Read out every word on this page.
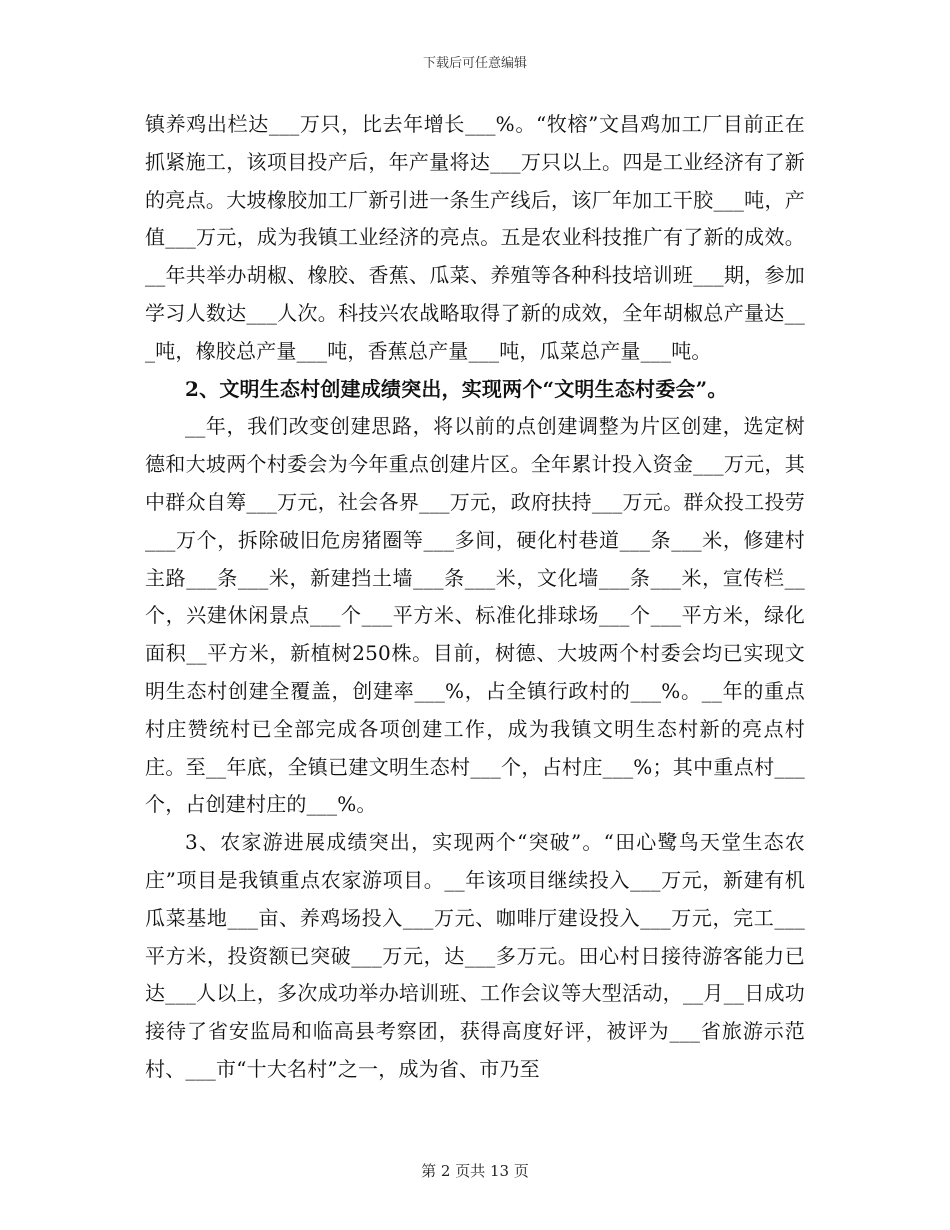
下载后可任意编辑

镇养鸡出栏达___万只，比去年增长___%。“牧榕”文昌鸡加工厂目前正在抓紧施工，该项目投产后，年产量将达___万只以上。四是工业经济有了新的亮点。大坡橡胶加工厂新引进一条生产线后，该厂年加工干胶___吨，产值___万元，成为我镇工业经济的亮点。五是农业科技推广有了新的成效。__年共举办胡椒、橡胶、香蕉、瓜菜、养殖等各种科技培训班___期，参加学习人数达___人次。科技兴农战略取得了新的成效，全年胡椒总产量达___吨，橡胶总产量___吨，香蕉总产量___吨，瓜菜总产量___吨。

2、文明生态村创建成绩突出，实现两个“文明生态村委会”。

__年，我们改变创建思路，将以前的点创建调整为片区创建，选定树德和大坡两个村委会为今年重点创建片区。全年累计投入资金___万元，其中群众自筹___万元，社会各界___万元，政府扶持___万元。群众投工投劳___万个，拆除破旧危房猪圈等___多间，硬化村巷道___条___米，修建村主路___条___米，新建挡土墙___条___米，文化墙___条___米，宣传栏__个，兴建休闲景点___个___平方米、标准化排球场___个___平方米，绿化面积__平方米，新植树250株。目前，树德、大坡两个村委会均已实现文明生态村创建全覆盖，创建率___%，占全镇行政村的___%。__年的重点村庄赞统村已全部完成各项创建工作，成为我镇文明生态村新的亮点村庄。至__年底，全镇已建文明生态村___个，占村庄___%；其中重点村___个，占创建村庄的___%。

3、农家游进展成绩突出，实现两个“突破”。“田心鹭鸟天堂生态农庄”项目是我镇重点农家游项目。__年该项目继续投入___万元，新建有机瓜菜基地___亩、养鸡场投入___万元、咖啡厅建设投入___万元，完工___平方米，投资额已突破___万元，达___多万元。田心村日接待游客能力已达___人以上，多次成功举办培训班、工作会议等大型活动，__月__日成功接待了省安监局和临高县考察团，获得高度好评，被评为___省旅游示范村、___市“十大名村”之一，成为省、市乃至

第 2 页共 13 页
